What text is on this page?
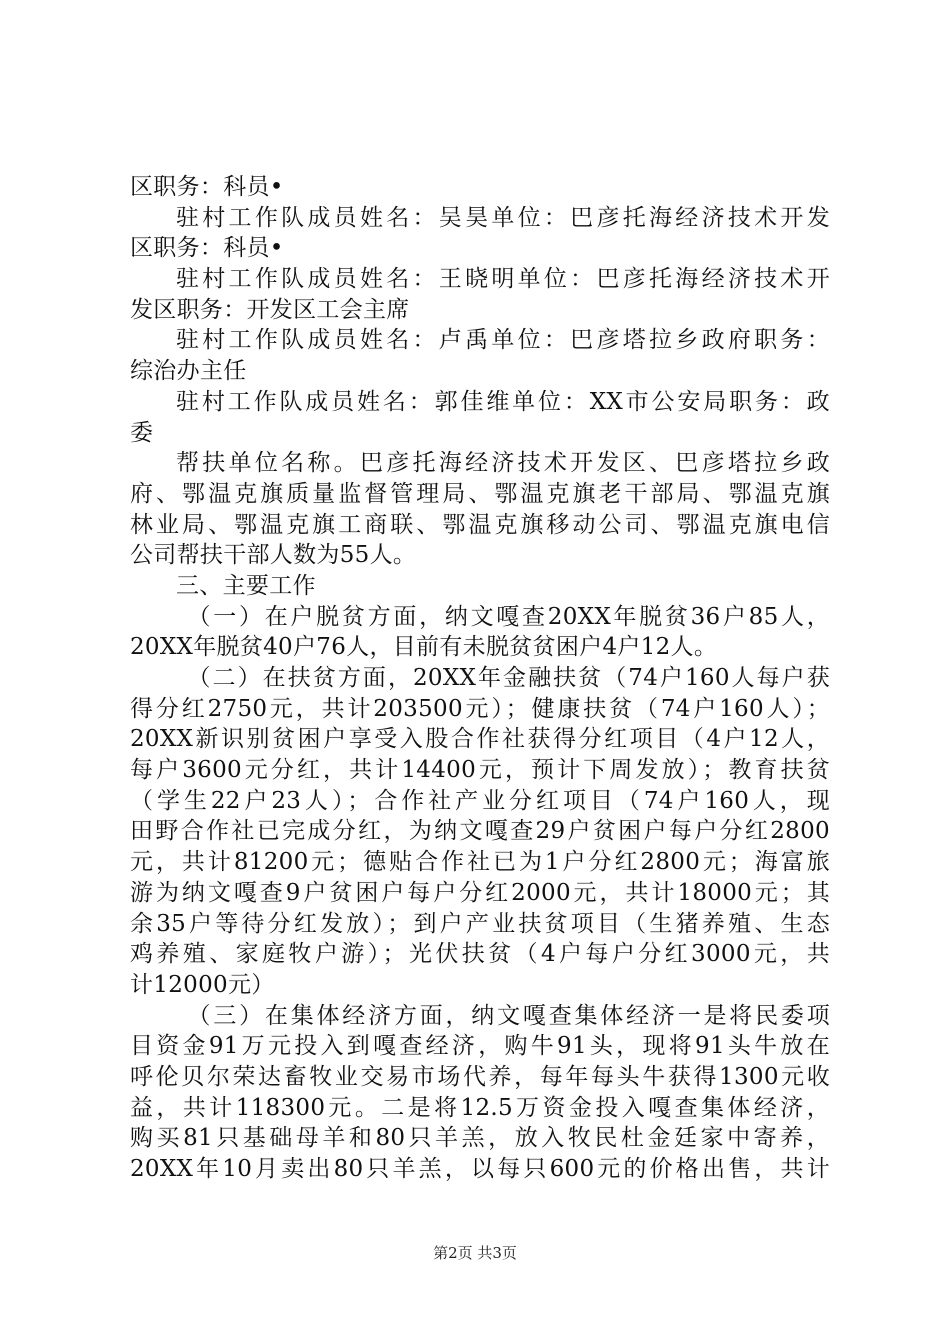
区职务：科员•
驻村工作队成员姓名：吴昊单位：巴彦托海经济技术开发
区职务：科员•
驻村工作队成员姓名：王晓明单位：巴彦托海经济技术开
发区职务：开发区工会主席
驻村工作队成员姓名：卢禹单位：巴彦塔拉乡政府职务：
综治办主任
驻村工作队成员姓名：郭佳维单位：XX市公安局职务：政
委
帮扶单位名称。巴彦托海经济技术开发区、巴彦塔拉乡政
府、鄂温克旗质量监督管理局、鄂温克旗老干部局、鄂温克旗
林业局、鄂温克旗工商联、鄂温克旗移动公司、鄂温克旗电信
公司帮扶干部人数为55人。
三、主要工作
（一）在户脱贫方面，纳文嘎查20XX年脱贫36户85人，
20XX年脱贫40户76人，目前有未脱贫贫困户4户12人。
（二）在扶贫方面，20XX年金融扶贫（74户160人每户获
得分红2750元，共计203500元）；健康扶贫（74户160人）；
20XX新识别贫困户享受入股合作社获得分红项目（4户12人，
每户3600元分红，共计14400元，预计下周发放）；教育扶贫
（学生22户23人）；合作社产业分红项目（74户160人，现
田野合作社已完成分红，为纳文嘎查29户贫困户每户分红2800
元，共计81200元；德贴合作社已为1户分红2800元；海富旅
游为纳文嘎查9户贫困户每户分红2000元，共计18000元；其
余35户等待分红发放）；到户产业扶贫项目（生猪养殖、生态
鸡养殖、家庭牧户游）；光伏扶贫（4户每户分红3000元，共
计12000元）
（三）在集体经济方面，纳文嘎查集体经济一是将民委项
目资金91万元投入到嘎查经济，购牛91头，现将91头牛放在
呼伦贝尔荣达畜牧业交易市场代养，每年每头牛获得1300元收
益，共计118300元。二是将12.5万资金投入嘎查集体经济，
购买81只基础母羊和80只羊羔，放入牧民杜金廷家中寄养，
20XX年10月卖出80只羊羔，以每只600元的价格出售，共计
第2页 共3页
